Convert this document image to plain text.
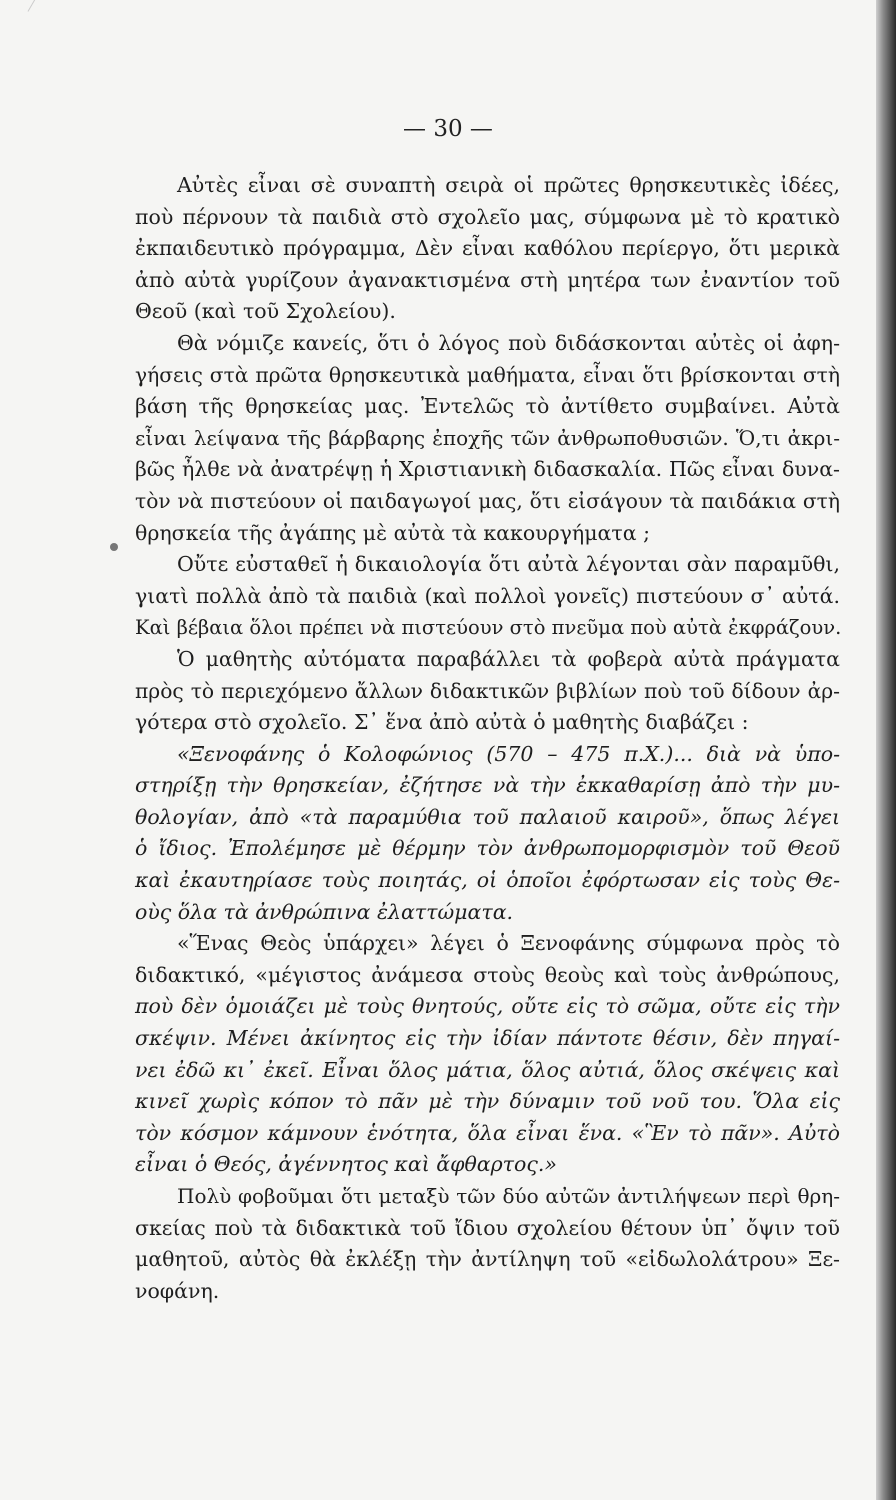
— 30 —
Αὐτὲς εἶναι σὲ συναπτὴ σειρὰ οἱ πρῶτες θρησκευτικὲς ἰδέες,
ποὺ πέρνουν τὰ παιδιὰ στὸ σχολεῖο μας, σύμφωνα μὲ τὸ κρατικὸ
ἐκπαιδευτικὸ πρόγραμμα, Δὲν εἶναι καθόλου περίεργο, ὅτι μερικὰ
ἀπὸ αὐτὰ γυρίζουν ἀγανακτισμένα στὴ μητέρα των ἐναντίον τοῦ
Θεοῦ (καὶ τοῦ Σχολείου).
Θὰ νόμιζε κανείς, ὅτι ὁ λόγος ποὺ διδάσκονται αὐτὲς οἱ ἀφη-
γήσεις στὰ πρῶτα θρησκευτικὰ μαθήματα, εἶναι ὅτι βρίσκονται στὴ
βάση τῆς θρησκείας μας. Ἐντελῶς τὸ ἀντίθετο συμβαίνει. Αὐτὰ
εἶναι λείψανα τῆς βάρβαρης ἐποχῆς τῶν ἀνθρωποθυσιῶν. Ὅ,τι ἀκρι-
βῶς ἦλθε νὰ ἀνατρέψῃ ἡ Χριστιανικὴ διδασκαλία. Πῶς εἶναι δυνα-
τὸν νὰ πιστεύουν οἱ παιδαγωγοί μας, ὅτι εἰσάγουν τὰ παιδάκια στὴ
θρησκεία τῆς ἀγάπης μὲ αὐτὰ τὰ κακουργήματα ;
Οὔτε εὐσταθεῖ ἡ δικαιολογία ὅτι αὐτὰ λέγονται σὰν παραμῦθι,
γιατὶ πολλὰ ἀπὸ τὰ παιδιὰ (καὶ πολλοὶ γονεῖς) πιστεύουν σ᾿ αὐτά.
Καὶ βέβαια ὅλοι πρέπει νὰ πιστεύουν στὸ πνεῦμα ποὺ αὐτὰ ἐκφράζουν.
Ὁ μαθητὴς αὐτόματα παραβάλλει τὰ φοβερὰ αὐτὰ πράγματα
πρὸς τὸ περιεχόμενο ἄλλων διδακτικῶν βιβλίων ποὺ τοῦ δίδουν ἀρ-
γότερα στὸ σχολεῖο. Σ᾿ ἕνα ἀπὸ αὐτὰ ὁ μαθητὴς διαβάζει :
«Ξενοφάνης ὁ Κολοφώνιος (570 – 475 π.Χ.)... διὰ νὰ ὑπο-
στηρίξῃ τὴν θρησκείαν, ἐζήτησε νὰ τὴν ἐκκαθαρίσῃ ἀπὸ τὴν μυ-
θολογίαν, ἀπὸ «τὰ παραμύθια τοῦ παλαιοῦ καιροῦ», ὅπως λέγει
ὁ ἴδιος. Ἐπολέμησε μὲ θέρμην τὸν ἀνθρωπομορφισμὸν τοῦ Θεοῦ
καὶ ἐκαυτηρίασε τοὺς ποιητάς, οἱ ὁποῖοι ἐφόρτωσαν εἰς τοὺς Θε-
οὺς ὅλα τὰ ἀνθρώπινα ἐλαττώματα.
«Ἕνας Θεὸς ὑπάρχει» λέγει ὁ Ξενοφάνης σύμφωνα πρὸς τὸ
διδακτικό, «μέγιστος ἀνάμεσα στοὺς θεοὺς καὶ τοὺς ἀνθρώπους,
ποὺ δὲν ὁμοιάζει μὲ τοὺς θνητούς, οὔτε εἰς τὸ σῶμα, οὔτε εἰς τὴν
σκέψιν. Μένει ἀκίνητος εἰς τὴν ἰδίαν πάντοτε θέσιν, δὲν πηγαί-
νει ἐδῶ κι᾿ ἐκεῖ. Εἶναι ὅλος μάτια, ὅλος αὐτιά, ὅλος σκέψεις καὶ
κινεῖ χωρὶς κόπον τὸ πᾶν μὲ τὴν δύναμιν τοῦ νοῦ του. Ὅλα εἰς
τὸν κόσμον κάμνουν ἑνότητα, ὅλα εἶναι ἕνα. «Ἓν τὸ πᾶν». Αὐτὸ
εἶναι ὁ Θεός, ἀγέννητος καὶ ἄφθαρτος.»
Πολὺ φοβοῦμαι ὅτι μεταξὺ τῶν δύο αὐτῶν ἀντιλήψεων περὶ θρη-
σκείας ποὺ τὰ διδακτικὰ τοῦ ἴδιου σχολείου θέτουν ὑπ᾿ ὄψιν τοῦ
μαθητοῦ, αὐτὸς θὰ ἐκλέξῃ τὴν ἀντίληψη τοῦ «εἰδωλολάτρου» Ξε-
νοφάνη.
